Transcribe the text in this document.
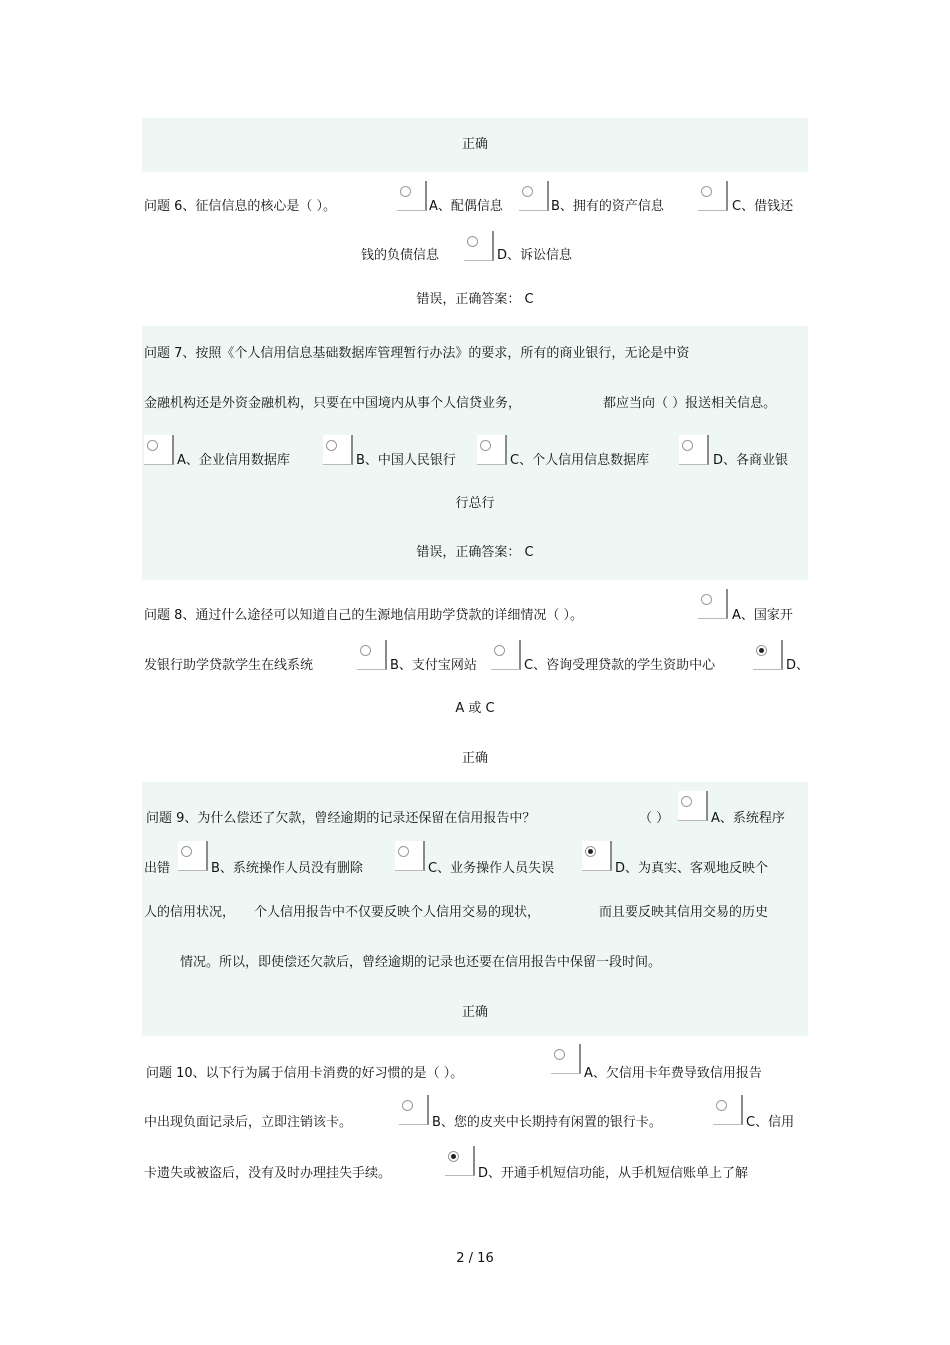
正确
问题 6、征信信息的核心是（ ）。	A、配偶信息	B、拥有的资产信息	C、借钱还
钱的负债信息	D、诉讼信息
错误，正确答案： C
问题 7、按照《个人信用信息基础数据库管理暂行办法》的要求，所有的商业银行，无论是中资
金融机构还是外资金融机构，只要在中国境内从事个人信贷业务，	都应当向（ ）报送相关信息。
A、企业信用数据库	B、中国人民银行	C、个人信用信息数据库	D、各商业银
行总行
错误，正确答案： C
问题 8、通过什么途径可以知道自己的生源地信用助学贷款的详细情况（ ）。	A、国家开
发银行助学贷款学生在线系统	B、支付宝网站	C、咨询受理贷款的学生资助中心	D、
A 或 C
正确
问题 9、为什么偿还了欠款，曾经逾期的记录还保留在信用报告中？	（ ）	A、系统程序
出错	B、系统操作人员没有删除	C、业务操作人员失误	D、为真实、客观地反映个
人的信用状况， 个人信用报告中不仅要反映个人信用交易的现状，	而且要反映其信用交易的历史
情况。所以，即使偿还欠款后，曾经逾期的记录也还要在信用报告中保留一段时间。
正确
问题 10、以下行为属于信用卡消费的好习惯的是（ ）。	A、欠信用卡年费导致信用报告
中出现负面记录后，立即注销该卡。	B、您的皮夹中长期持有闲置的银行卡。	C、信用
卡遗失或被盗后，没有及时办理挂失手续。	D、开通手机短信功能，从手机短信账单上了解
2 / 16
